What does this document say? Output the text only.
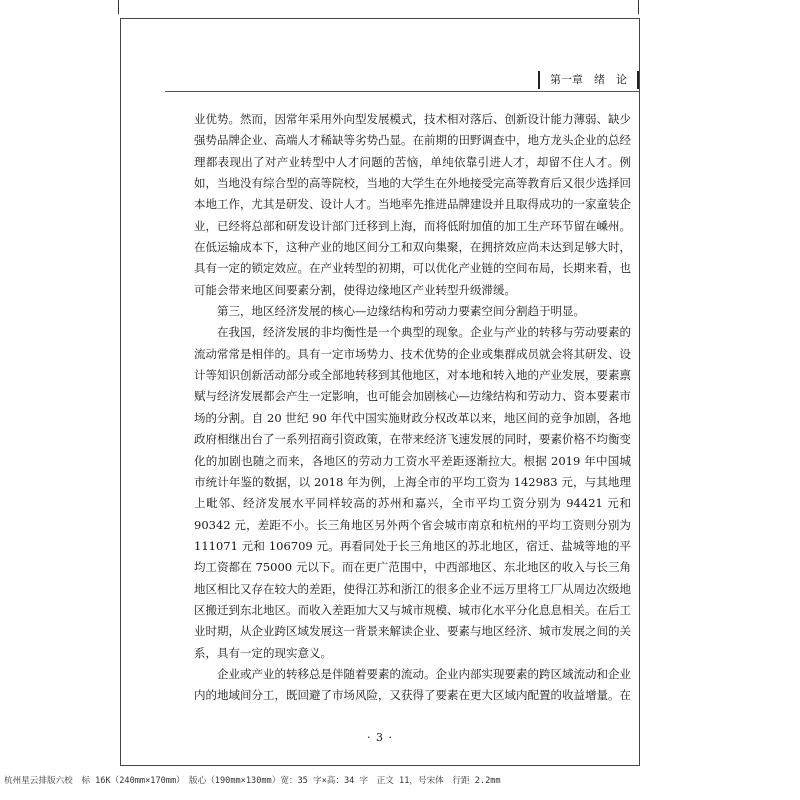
第一章　绪　论

业优势。然而，因常年采用外向型发展模式，技术相对落后、创新设计能力薄弱、缺少强势品牌企业、高端人才稀缺等劣势凸显。在前期的田野调查中，地方龙头企业的总经理都表现出了对产业转型中人才问题的苦恼，单纯依靠引进人才，却留不住人才。例如，当地没有综合型的高等院校，当地的大学生在外地接受完高等教育后又很少选择回本地工作，尤其是研发、设计人才。当地率先推进品牌建设并且取得成功的一家童装企业，已经将总部和研发设计部门迁移到上海，而将低附加值的加工生产环节留在嵊州。在低运输成本下，这种产业的地区间分工和双向集聚，在拥挤效应尚未达到足够大时，具有一定的锁定效应。在产业转型的初期，可以优化产业链的空间布局，长期来看，也可能会带来地区间要素分割，使得边缘地区产业转型升级滞缓。

第三，地区经济发展的核心—边缘结构和劳动力要素空间分割趋于明显。

在我国，经济发展的非均衡性是一个典型的现象。企业与产业的转移与劳动要素的流动常常是相伴的。具有一定市场势力、技术优势的企业或集群成员就会将其研发、设计等知识创新活动部分或全部地转移到其他地区，对本地和转入地的产业发展，要素禀赋与经济发展都会产生一定影响，也可能会加剧核心—边缘结构和劳动力、资本要素市场的分割。自 20 世纪 90 年代中国实施财政分权改革以来，地区间的竞争加剧，各地政府相继出台了一系列招商引资政策，在带来经济飞速发展的同时，要素价格不均衡变化的加剧也随之而来，各地区的劳动力工资水平差距逐渐拉大。根据 2019 年中国城市统计年鉴的数据，以 2018 年为例，上海全市的平均工资为 142983 元，与其地理上毗邻、经济发展水平同样较高的苏州和嘉兴，全市平均工资分别为 94421 元和 90342 元，差距不小。长三角地区另外两个省会城市南京和杭州的平均工资则分别为 111071 元和 106709 元。再看同处于长三角地区的苏北地区，宿迁、盐城等地的平均工资都在 75000 元以下。而在更广范围中，中西部地区、东北地区的收入与长三角地区相比又存在较大的差距，使得江苏和浙江的很多企业不远万里将工厂从周边次级地区搬迁到东北地区。而收入差距加大又与城市规模、城市化水平分化息息相关。在后工业时期，从企业跨区域发展这一背景来解读企业、要素与地区经济、城市发展之间的关系，具有一定的现实意义。

企业或产业的转移总是伴随着要素的流动。企业内部实现要素的跨区域流动和企业内的地域间分工，既回避了市场风险，又获得了要素在更大区域内配置的收益增量。在

· 3 ·
杭州星云排版六校　标 16K（240mm×170mm）　版心（190mm×130mm）宽：35 字×高：34 字　正文 11，号宋体　行距 2.2mm
